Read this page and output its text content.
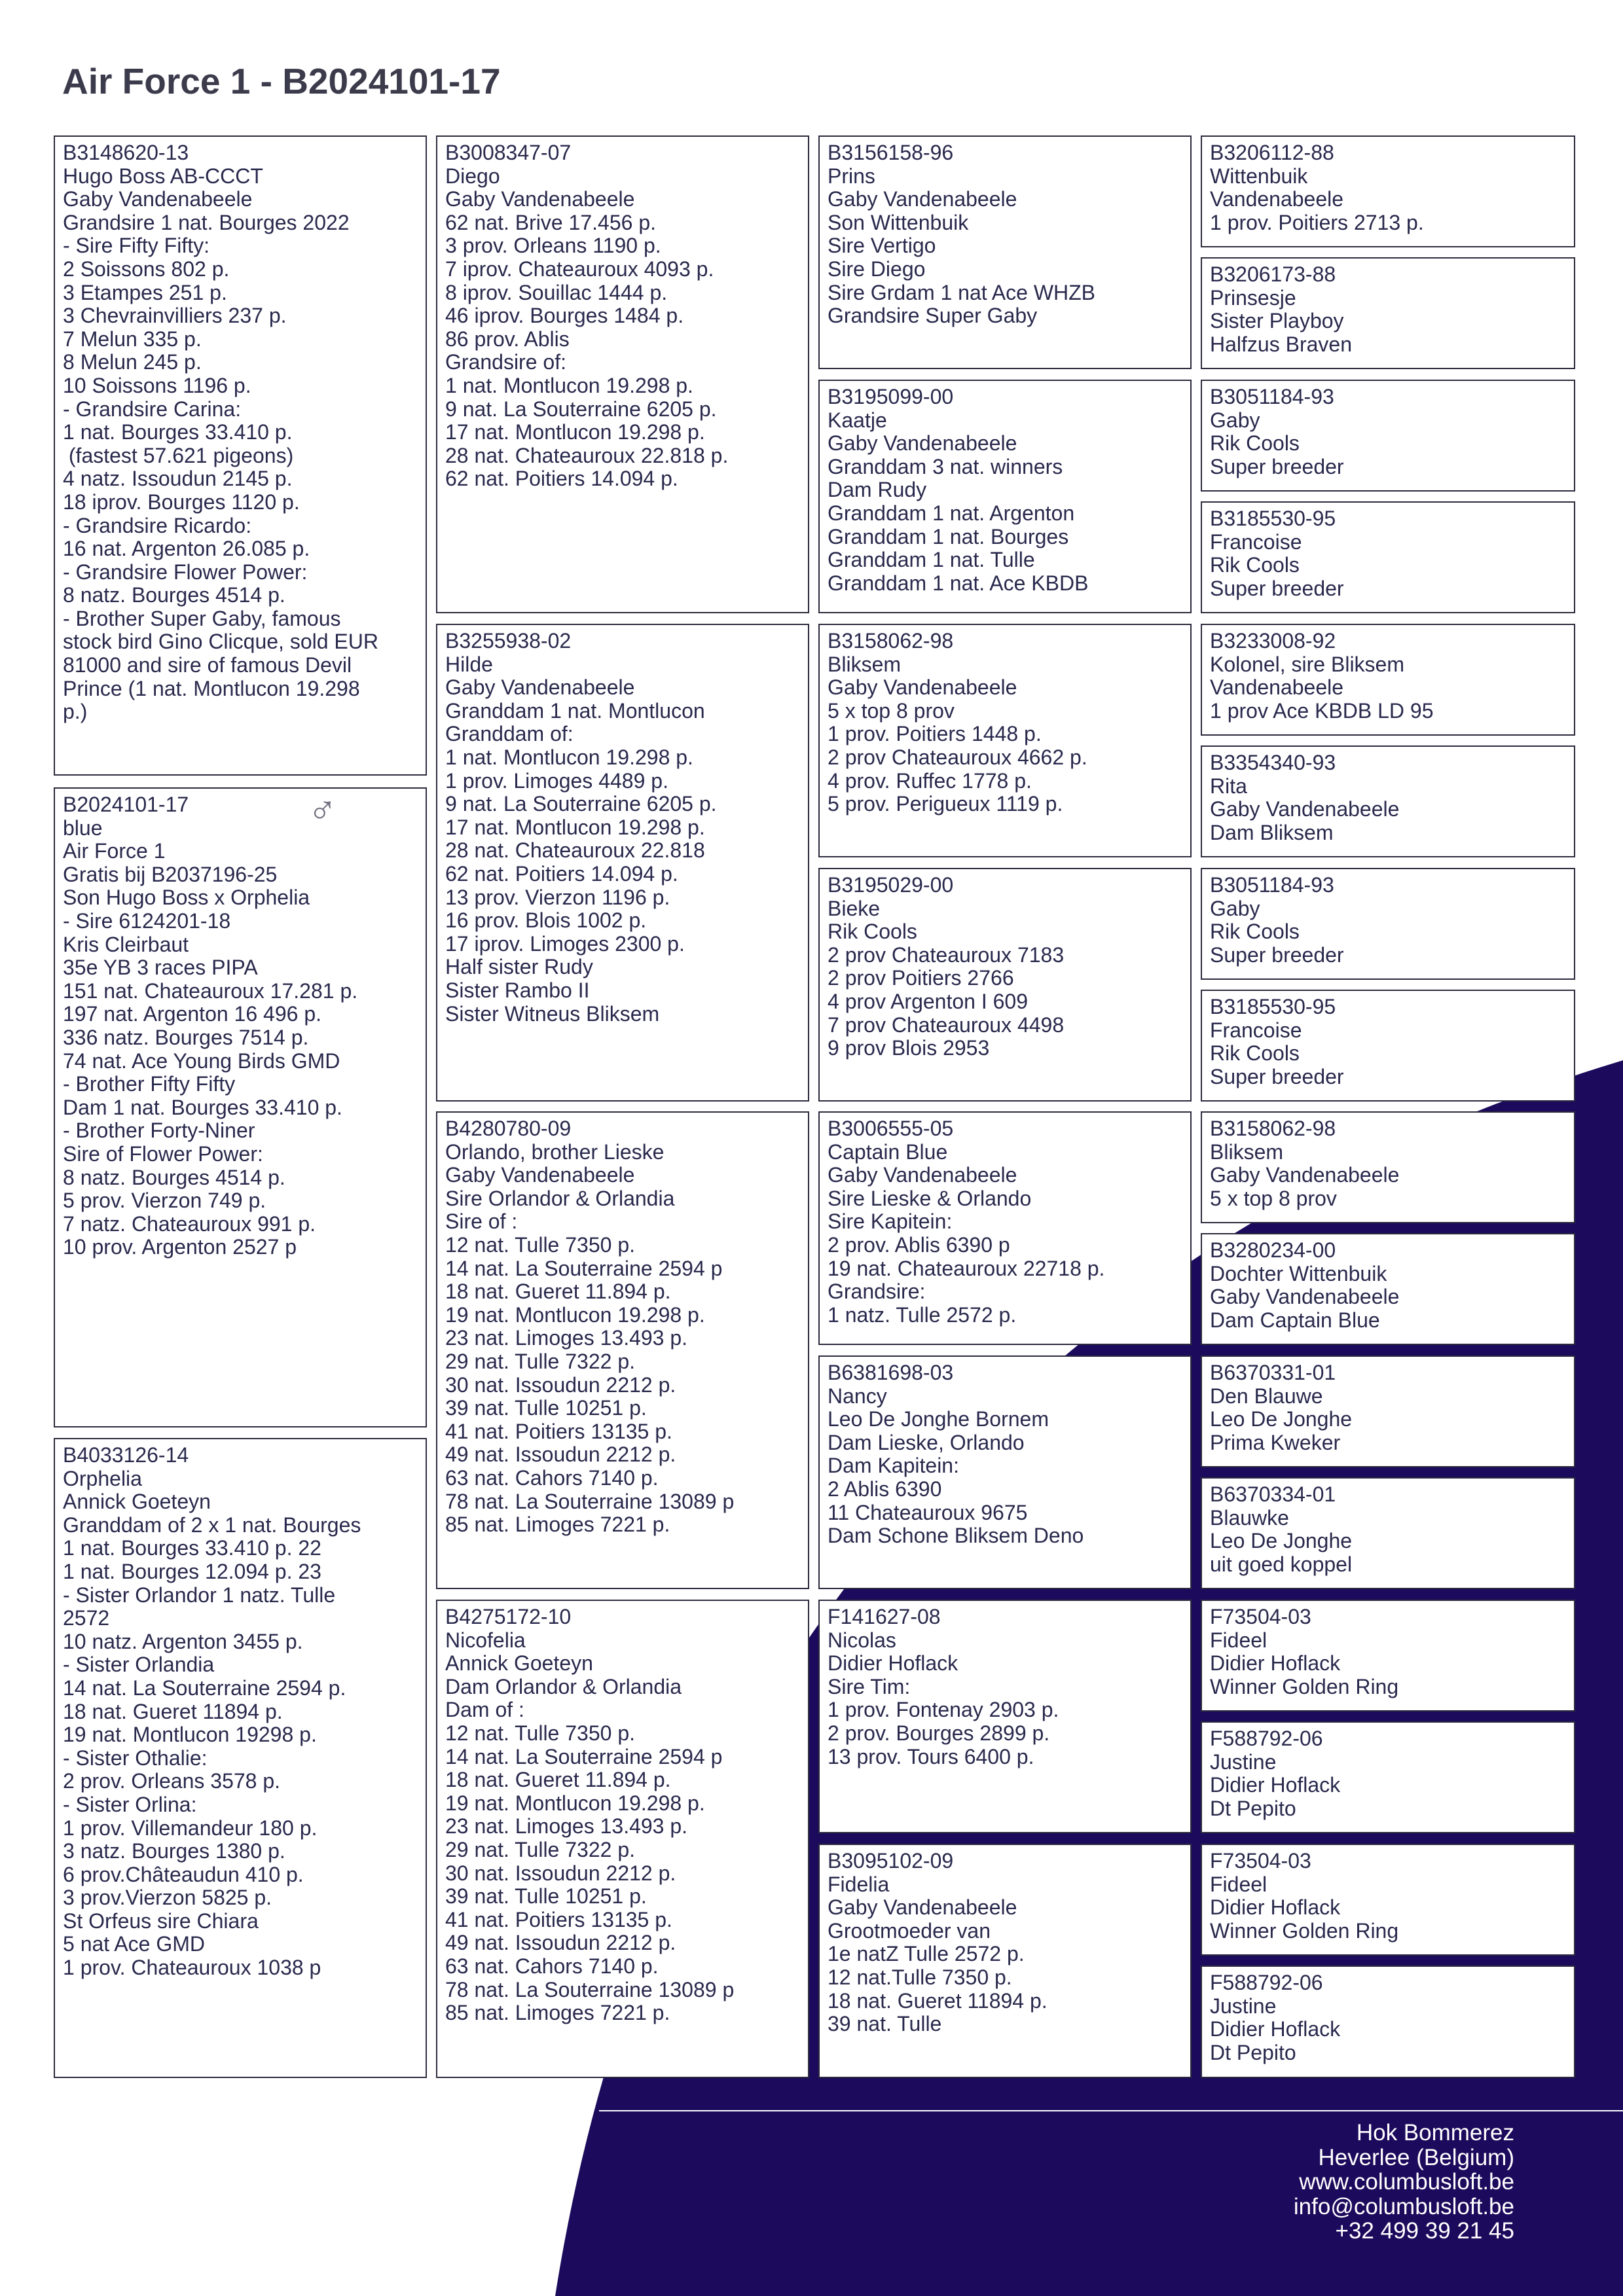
Air Force 1 - B2024101-17
B3148620-13
Hugo Boss AB-CCCT
Gaby Vandenabeele
Grandsire 1 nat. Bourges 2022
- Sire Fifty Fifty:
2 Soissons 802 p.
3 Etampes 251 p.
3 Chevrainvilliers 237 p.
7 Melun 335 p.
8 Melun 245 p.
10 Soissons 1196 p.
- Grandsire Carina:
1 nat. Bourges 33.410 p.
(fastest 57.621 pigeons)
4 natz. Issoudun 2145 p.
18 iprov. Bourges 1120 p.
- Grandsire Ricardo:
16 nat. Argenton 26.085 p.
- Grandsire Flower Power:
8 natz. Bourges 4514 p.
- Brother Super Gaby, famous
stock bird Gino Clicque, sold EUR
81000 and sire of famous Devil
Prince (1 nat. Montlucon 19.298
p.)
B2024101-17
blue
Air Force 1
Gratis bij B2037196-25
Son Hugo Boss x Orphelia
- Sire 6124201-18
Kris Cleirbaut
35e YB 3 races PIPA
151 nat. Chateauroux 17.281 p.
197 nat. Argenton 16 496 p.
336 natz. Bourges 7514 p.
74 nat. Ace Young Birds GMD
- Brother Fifty Fifty
Dam 1 nat. Bourges 33.410 p.
- Brother Forty-Niner
Sire of Flower Power:
8 natz. Bourges 4514 p.
5 prov. Vierzon 749 p.
7 natz. Chateauroux 991 p.
10 prov. Argenton 2527 p
♂
B4033126-14
Orphelia
Annick Goeteyn
Granddam of 2 x 1 nat. Bourges
1 nat. Bourges 33.410 p. 22
1 nat. Bourges 12.094 p. 23
- Sister Orlandor 1 natz. Tulle
2572
10 natz. Argenton 3455 p.
- Sister Orlandia
14 nat. La Souterraine 2594 p.
18 nat. Gueret 11894 p.
19 nat. Montlucon 19298 p.
- Sister Othalie:
2 prov. Orleans 3578 p.
- Sister Orlina:
1 prov. Villemandeur 180 p.
3 natz. Bourges 1380 p.
6 prov.Châteaudun 410 p.
3 prov.Vierzon 5825 p.
St Orfeus sire Chiara
5 nat Ace GMD
1 prov. Chateauroux 1038 p
B3008347-07
Diego
Gaby Vandenabeele
62 nat. Brive 17.456 p.
3 prov. Orleans 1190 p.
7 iprov. Chateauroux 4093 p.
8 iprov. Souillac 1444 p.
46 iprov. Bourges 1484 p.
86 prov. Ablis
Grandsire of:
1 nat. Montlucon 19.298 p.
9 nat. La Souterraine 6205 p.
17 nat. Montlucon 19.298 p.
28 nat. Chateauroux 22.818 p.
62 nat. Poitiers 14.094 p.
B3255938-02
Hilde
Gaby Vandenabeele
Granddam 1 nat. Montlucon
Granddam of:
1 nat. Montlucon 19.298 p.
1 prov. Limoges 4489 p.
9 nat. La Souterraine 6205 p.
17 nat. Montlucon 19.298 p.
28 nat. Chateauroux 22.818
62 nat. Poitiers 14.094 p.
13 prov. Vierzon 1196 p.
16 prov. Blois 1002 p.
17 iprov. Limoges 2300 p.
Half sister Rudy
Sister Rambo II
Sister Witneus Bliksem
B4280780-09
Orlando, brother Lieske
Gaby Vandenabeele
Sire Orlandor & Orlandia
Sire of :
12 nat. Tulle 7350 p.
14 nat. La Souterraine 2594 p
18 nat. Gueret 11.894 p.
19 nat. Montlucon 19.298 p.
23 nat. Limoges 13.493 p.
29 nat. Tulle 7322 p.
30 nat. Issoudun 2212 p.
39 nat. Tulle 10251 p.
41 nat. Poitiers 13135 p.
49 nat. Issoudun 2212 p.
63 nat. Cahors 7140 p.
78 nat. La Souterraine 13089 p
85 nat. Limoges 7221 p.
B4275172-10
Nicofelia
Annick Goeteyn
Dam Orlandor & Orlandia
Dam of :
12 nat. Tulle 7350 p.
14 nat. La Souterraine 2594 p
18 nat. Gueret 11.894 p.
19 nat. Montlucon 19.298 p.
23 nat. Limoges 13.493 p.
29 nat. Tulle 7322 p.
30 nat. Issoudun 2212 p.
39 nat. Tulle 10251 p.
41 nat. Poitiers 13135 p.
49 nat. Issoudun 2212 p.
63 nat. Cahors 7140 p.
78 nat. La Souterraine 13089 p
85 nat. Limoges 7221 p.
B3156158-96
Prins
Gaby Vandenabeele
Son Wittenbuik
Sire Vertigo
Sire Diego
Sire Grdam 1 nat Ace WHZB
Grandsire Super Gaby
B3195099-00
Kaatje
Gaby Vandenabeele
Granddam 3 nat. winners
Dam Rudy
Granddam 1 nat. Argenton
Granddam 1 nat. Bourges
Granddam 1 nat. Tulle
Granddam 1 nat. Ace KBDB
B3158062-98
Bliksem
Gaby Vandenabeele
5 x top 8 prov
1 prov. Poitiers 1448 p.
2 prov Chateauroux 4662 p.
4 prov. Ruffec 1778 p.
5 prov. Perigueux 1119 p.
B3195029-00
Bieke
Rik Cools
2 prov Chateauroux 7183
2 prov Poitiers 2766
4 prov Argenton I 609
7 prov Chateauroux 4498
9 prov Blois 2953
B3006555-05
Captain Blue
Gaby Vandenabeele
Sire Lieske & Orlando
Sire Kapitein:
2 prov. Ablis 6390 p
19 nat. Chateauroux 22718 p.
Grandsire:
1 natz. Tulle 2572 p.
B6381698-03
Nancy
Leo De Jonghe Bornem
Dam Lieske, Orlando
Dam Kapitein:
2 Ablis 6390
11 Chateauroux 9675
Dam Schone Bliksem Deno
F141627-08
Nicolas
Didier Hoflack
Sire Tim:
1 prov. Fontenay 2903 p.
2 prov. Bourges 2899 p.
13 prov. Tours 6400 p.
B3095102-09
Fidelia
Gaby Vandenabeele
Grootmoeder van
1e natZ Tulle 2572 p.
12 nat.Tulle 7350 p.
18 nat. Gueret 11894 p.
39 nat. Tulle
B3206112-88
Wittenbuik
Vandenabeele
1 prov. Poitiers 2713 p.
B3206173-88
Prinsesje
Sister Playboy
Halfzus Braven
B3051184-93
Gaby
Rik Cools
Super breeder
B3185530-95
Francoise
Rik Cools
Super breeder
B3233008-92
Kolonel, sire Bliksem
Vandenabeele
1 prov Ace KBDB LD 95
B3354340-93
Rita
Gaby Vandenabeele
Dam Bliksem
B3051184-93
Gaby
Rik Cools
Super breeder
B3185530-95
Francoise
Rik Cools
Super breeder
B3158062-98
Bliksem
Gaby Vandenabeele
5 x top 8 prov
B3280234-00
Dochter Wittenbuik
Gaby Vandenabeele
Dam Captain Blue
B6370331-01
Den Blauwe
Leo De Jonghe
Prima Kweker
B6370334-01
Blauwke
Leo De Jonghe
uit goed koppel
F73504-03
Fideel
Didier Hoflack
Winner Golden Ring
F588792-06
Justine
Didier Hoflack
Dt Pepito
F73504-03
Fideel
Didier Hoflack
Winner Golden Ring
F588792-06
Justine
Didier Hoflack
Dt Pepito
Hok Bommerez
Heverlee (Belgium)
www.columbusloft.be
info@columbusloft.be
+32 499 39 21 45
